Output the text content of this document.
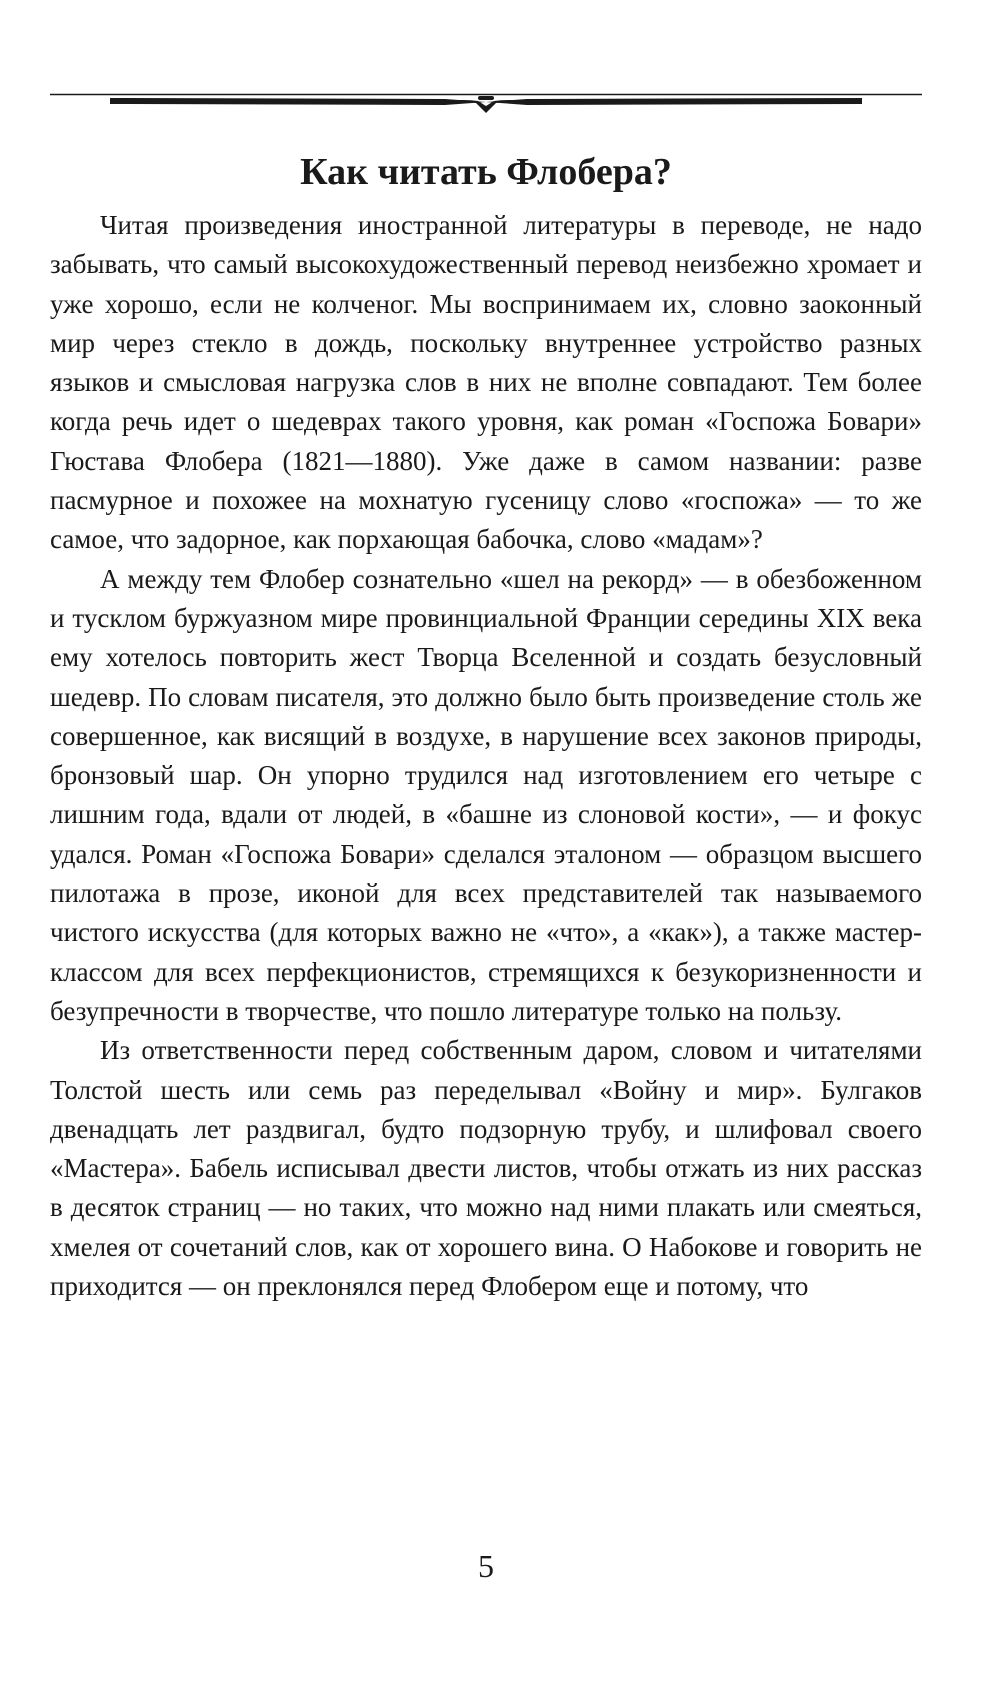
Как читать Флобера?

Читая произведения иностранной литературы в переводе, не надо забывать, что самый высокохудожественный перевод неизбежно хромает и уже хорошо, если не колченог. Мы воспринимаем их, словно заоконный мир через стекло в дождь, поскольку внутреннее устройство разных языков и смысловая нагрузка слов в них не вполне совпадают. Тем более когда речь идет о шедеврах такого уровня, как роман «Госпожа Бовари» Гюстава Флобера (1821—1880). Уже даже в самом названии: разве пасмурное и похожее на мохнатую гусеницу слово «госпожа» — то же самое, что задорное, как порхающая бабочка, слово «мадам»?

А между тем Флобер сознательно «шел на рекорд» — в обезбоженном и тусклом буржуазном мире провинциальной Франции середины XIX века ему хотелось повторить жест Творца Вселенной и создать безусловный шедевр. По словам писателя, это должно было быть произведение столь же совершенное, как висящий в воздухе, в нарушение всех законов природы, бронзовый шар. Он упорно трудился над изготовлением его четыре с лишним года, вдали от людей, в «башне из слоновой кости», — и фокус удался. Роман «Госпожа Бовари» сделался эталоном — образцом высшего пилотажа в прозе, иконой для всех представителей так называемого чистого искусства (для которых важно не «что», а «как»), а также мастер-классом для всех перфекционистов, стремящихся к безукоризненности и безупречности в творчестве, что пошло литературе только на пользу.

Из ответственности перед собственным даром, словом и читателями Толстой шесть или семь раз переделывал «Войну и мир». Булгаков двенадцать лет раздвигал, будто подзорную трубу, и шлифовал своего «Мастера». Бабель исписывал двести листов, чтобы отжать из них рассказ в десяток страниц — но таких, что можно над ними плакать или смеяться, хмелея от сочетаний слов, как от хорошего вина. О Набокове и говорить не приходится — он преклонялся перед Флобером еще и потому, что

5
